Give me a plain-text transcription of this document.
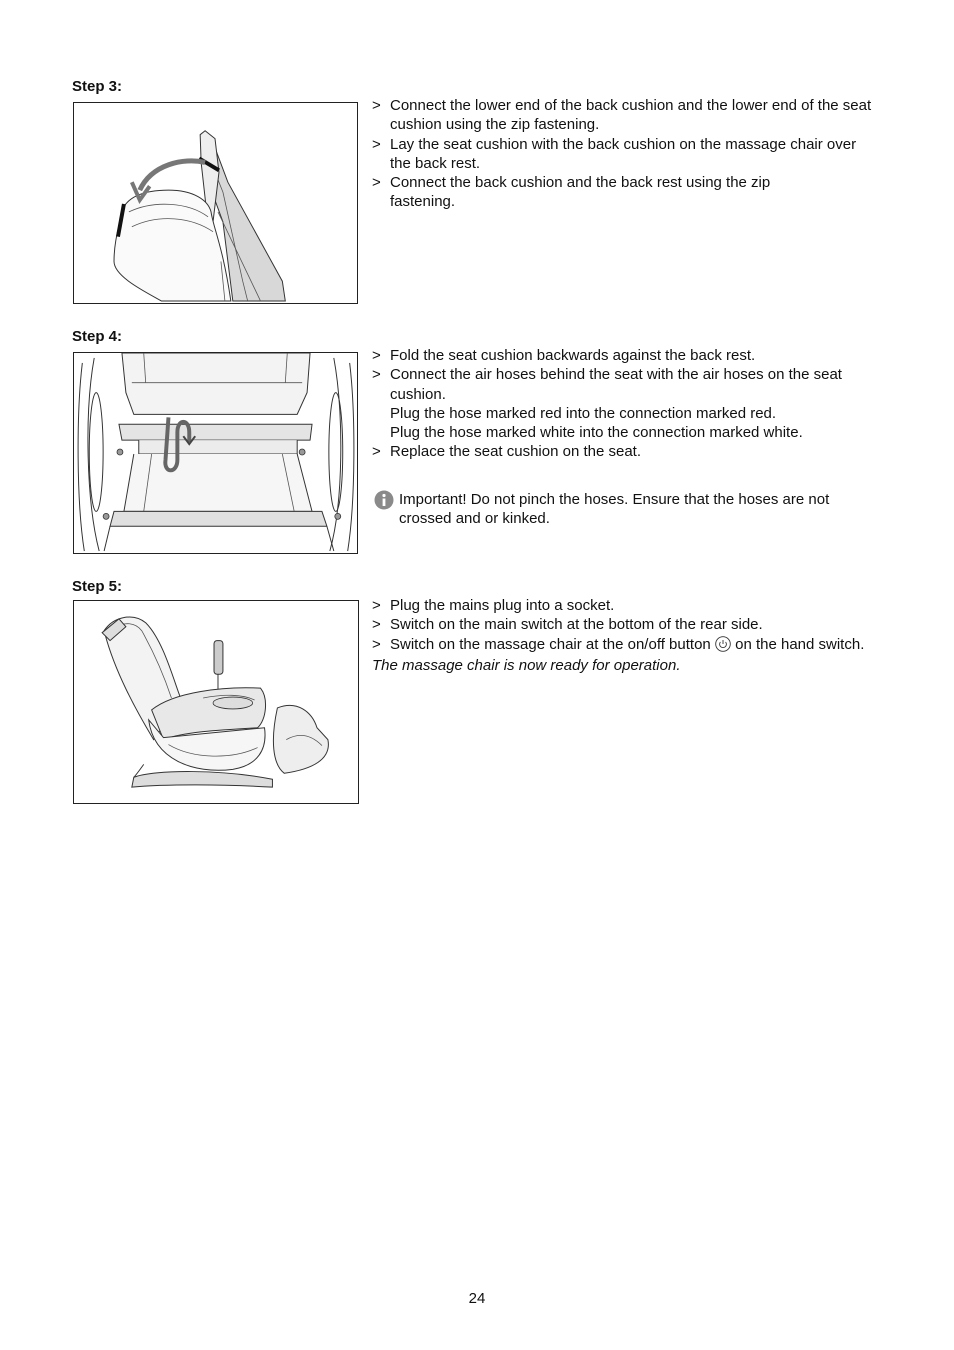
Step 3:
> Connect the lower end of the back cushion and the lower end of the seat cushion using the zip fastening.
> Lay the seat cushion with the back cushion on the massage chair over the back rest.
> Connect the back cushion and the back rest using the zip fastening.
Step 4:
> Fold the seat cushion backwards against the back rest.
> Connect the air hoses behind the seat with the air hoses on the seat cushion.
Plug the hose marked red into the connection marked red.
Plug the hose marked white into the connection marked white.
> Replace the seat cushion on the seat.
Important! Do not pinch the hoses. Ensure that the hoses are not crossed and or kinked.
Step 5:
> Plug the mains plug into a socket.
> Switch on the main switch at the bottom of the rear side.
> Switch on the massage chair at the on/off button on the hand switch.
The massage chair is now ready for operation.
24
